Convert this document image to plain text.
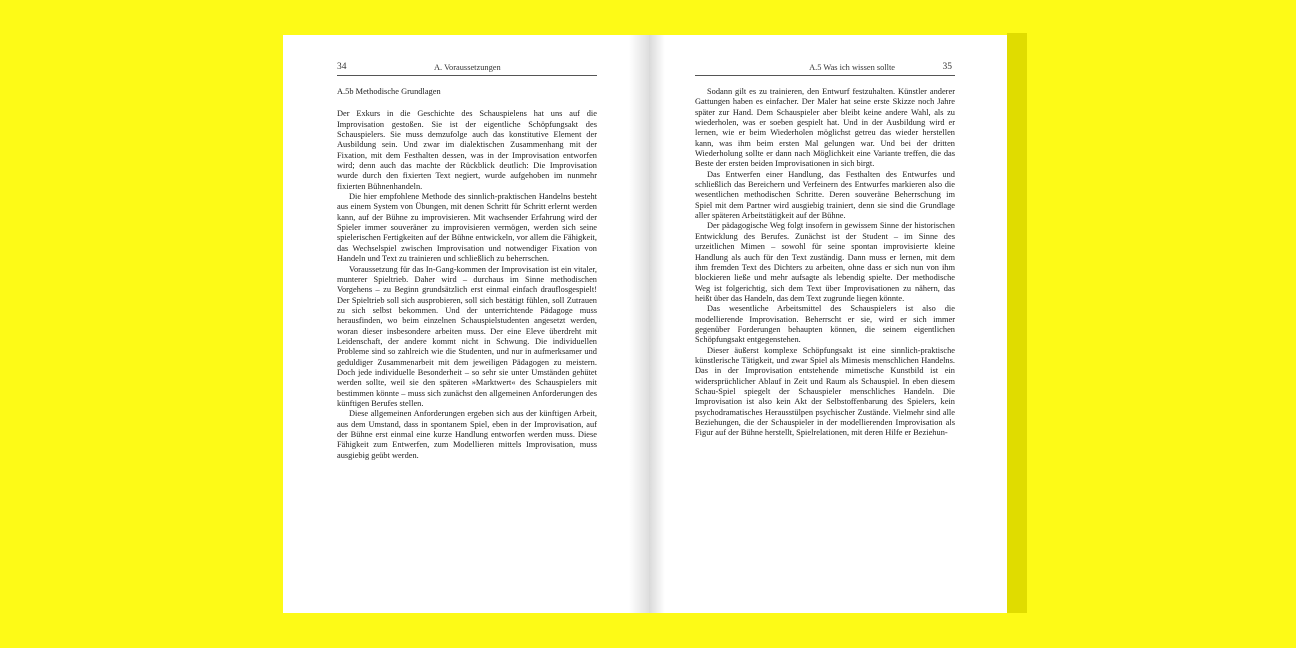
34	A. Voraussetzungen
A.5b Methodische Grundlagen

Der Exkurs in die Geschichte des Schauspielens hat uns auf die Improvisation gestoßen. Sie ist der eigentliche Schöpfungsakt des Schauspielers. Sie muss demzufolge auch das konstitutive Element der Ausbildung sein. Und zwar im dialektischen Zusammenhang mit der Fixation, mit dem Festhalten dessen, was in der Improvisation entworfen wird; denn auch das machte der Rückblick deutlich: Die Improvisation wurde durch den fixierten Text negiert, wurde aufgehoben im nunmehr fixierten Bühnenhandeln.

Die hier empfohlene Methode des sinnlich-praktischen Handelns besteht aus einem System von Übungen, mit denen Schritt für Schritt erlernt werden kann, auf der Bühne zu improvisieren. Mit wachsender Erfahrung wird der Spieler immer souveräner zu improvisieren vermögen, werden sich seine spielerischen Fertigkeiten auf der Bühne entwickeln, vor allem die Fähigkeit, das Wechselspiel zwischen Improvisation und notwendiger Fixation von Handeln und Text zu trainieren und schließlich zu beherrschen.

Voraussetzung für das In-Gang-kommen der Improvisation ist ein vitaler, munterer Spieltrieb. Daher wird – durchaus im Sinne methodischen Vorgehens – zu Beginn grundsätzlich erst einmal einfach drauflosgespielt! Der Spieltrieb soll sich ausprobieren, soll sich bestätigt fühlen, soll Zutrauen zu sich selbst bekommen. Und der unterrichtende Pädagoge muss herausfinden, wo beim einzelnen Schauspielstudenten angesetzt werden, woran dieser insbesondere arbeiten muss. Der eine Eleve überdreht mit Leidenschaft, der andere kommt nicht in Schwung. Die individuellen Probleme sind so zahlreich wie die Studenten, und nur in aufmerksamer und geduldiger Zusammenarbeit mit dem jeweiligen Pädagogen zu meistern. Doch jede individuelle Besonderheit – so sehr sie unter Umständen gehütet werden sollte, weil sie den späteren »Marktwert« des Schauspielers mit bestimmen könnte – muss sich zunächst den allgemeinen Anforderungen des künftigen Berufes stellen.

Diese allgemeinen Anforderungen ergeben sich aus der künftigen Arbeit, aus dem Umstand, dass in spontanem Spiel, eben in der Improvisation, auf der Bühne erst einmal eine kurze Handlung entworfen werden muss. Diese Fähigkeit zum Entwerfen, zum Modellieren mittels Improvisation, muss ausgiebig geübt werden.

A.5 Was ich wissen sollte	35

Sodann gilt es zu trainieren, den Entwurf festzuhalten. Künstler anderer Gattungen haben es einfacher. Der Maler hat seine erste Skizze noch Jahre später zur Hand. Dem Schauspieler aber bleibt keine andere Wahl, als zu wiederholen, was er soeben gespielt hat. Und in der Ausbildung wird er lernen, wie er beim Wiederholen möglichst getreu das wieder herstellen kann, was ihm beim ersten Mal gelungen war. Und bei der dritten Wiederholung sollte er dann nach Möglichkeit eine Variante treffen, die das Beste der ersten beiden Improvisationen in sich birgt.

Das Entwerfen einer Handlung, das Festhalten des Entwurfes und schließlich das Bereichern und Verfeinern des Entwurfes markieren also die wesentlichen methodischen Schritte. Deren souveräne Beherrschung im Spiel mit dem Partner wird ausgiebig trainiert, denn sie sind die Grundlage aller späteren Arbeitstätigkeit auf der Bühne.

Der pädagogische Weg folgt insofern in gewissem Sinne der historischen Entwicklung des Berufes. Zunächst ist der Student – im Sinne des urzeitlichen Mimen – sowohl für seine spontan improvisierte kleine Handlung als auch für den Text zuständig. Dann muss er lernen, mit dem ihm fremden Text des Dichters zu arbeiten, ohne dass er sich nun von ihm blockieren ließe und mehr aufsagte als lebendig spielte. Der methodische Weg ist folgerichtig, sich dem Text über Improvisationen zu nähern, das heißt über das Handeln, das dem Text zugrunde liegen könnte.

Das wesentliche Arbeitsmittel des Schauspielers ist also die modellierende Improvisation. Beherrscht er sie, wird er sich immer gegenüber Forderungen behaupten können, die seinem eigentlichen Schöpfungsakt entgegenstehen.

Dieser äußerst komplexe Schöpfungsakt ist eine sinnlich-praktische künstlerische Tätigkeit, und zwar Spiel als Mimesis menschlichen Handelns. Das in der Improvisation entstehende mimetische Kunstbild ist ein widersprüchlicher Ablauf in Zeit und Raum als Schauspiel. In eben diesem Schau-Spiel spiegelt der Schauspieler menschliches Handeln. Die Improvisation ist also kein Akt der Selbstoffenbarung des Spielers, kein psychodramatisches Herausstülpen psychischer Zustände. Vielmehr sind alle Beziehungen, die der Schauspieler in der modellierenden Improvisation als Figur auf der Bühne herstellt, Spielrelationen, mit deren Hilfe er Beziehun-
